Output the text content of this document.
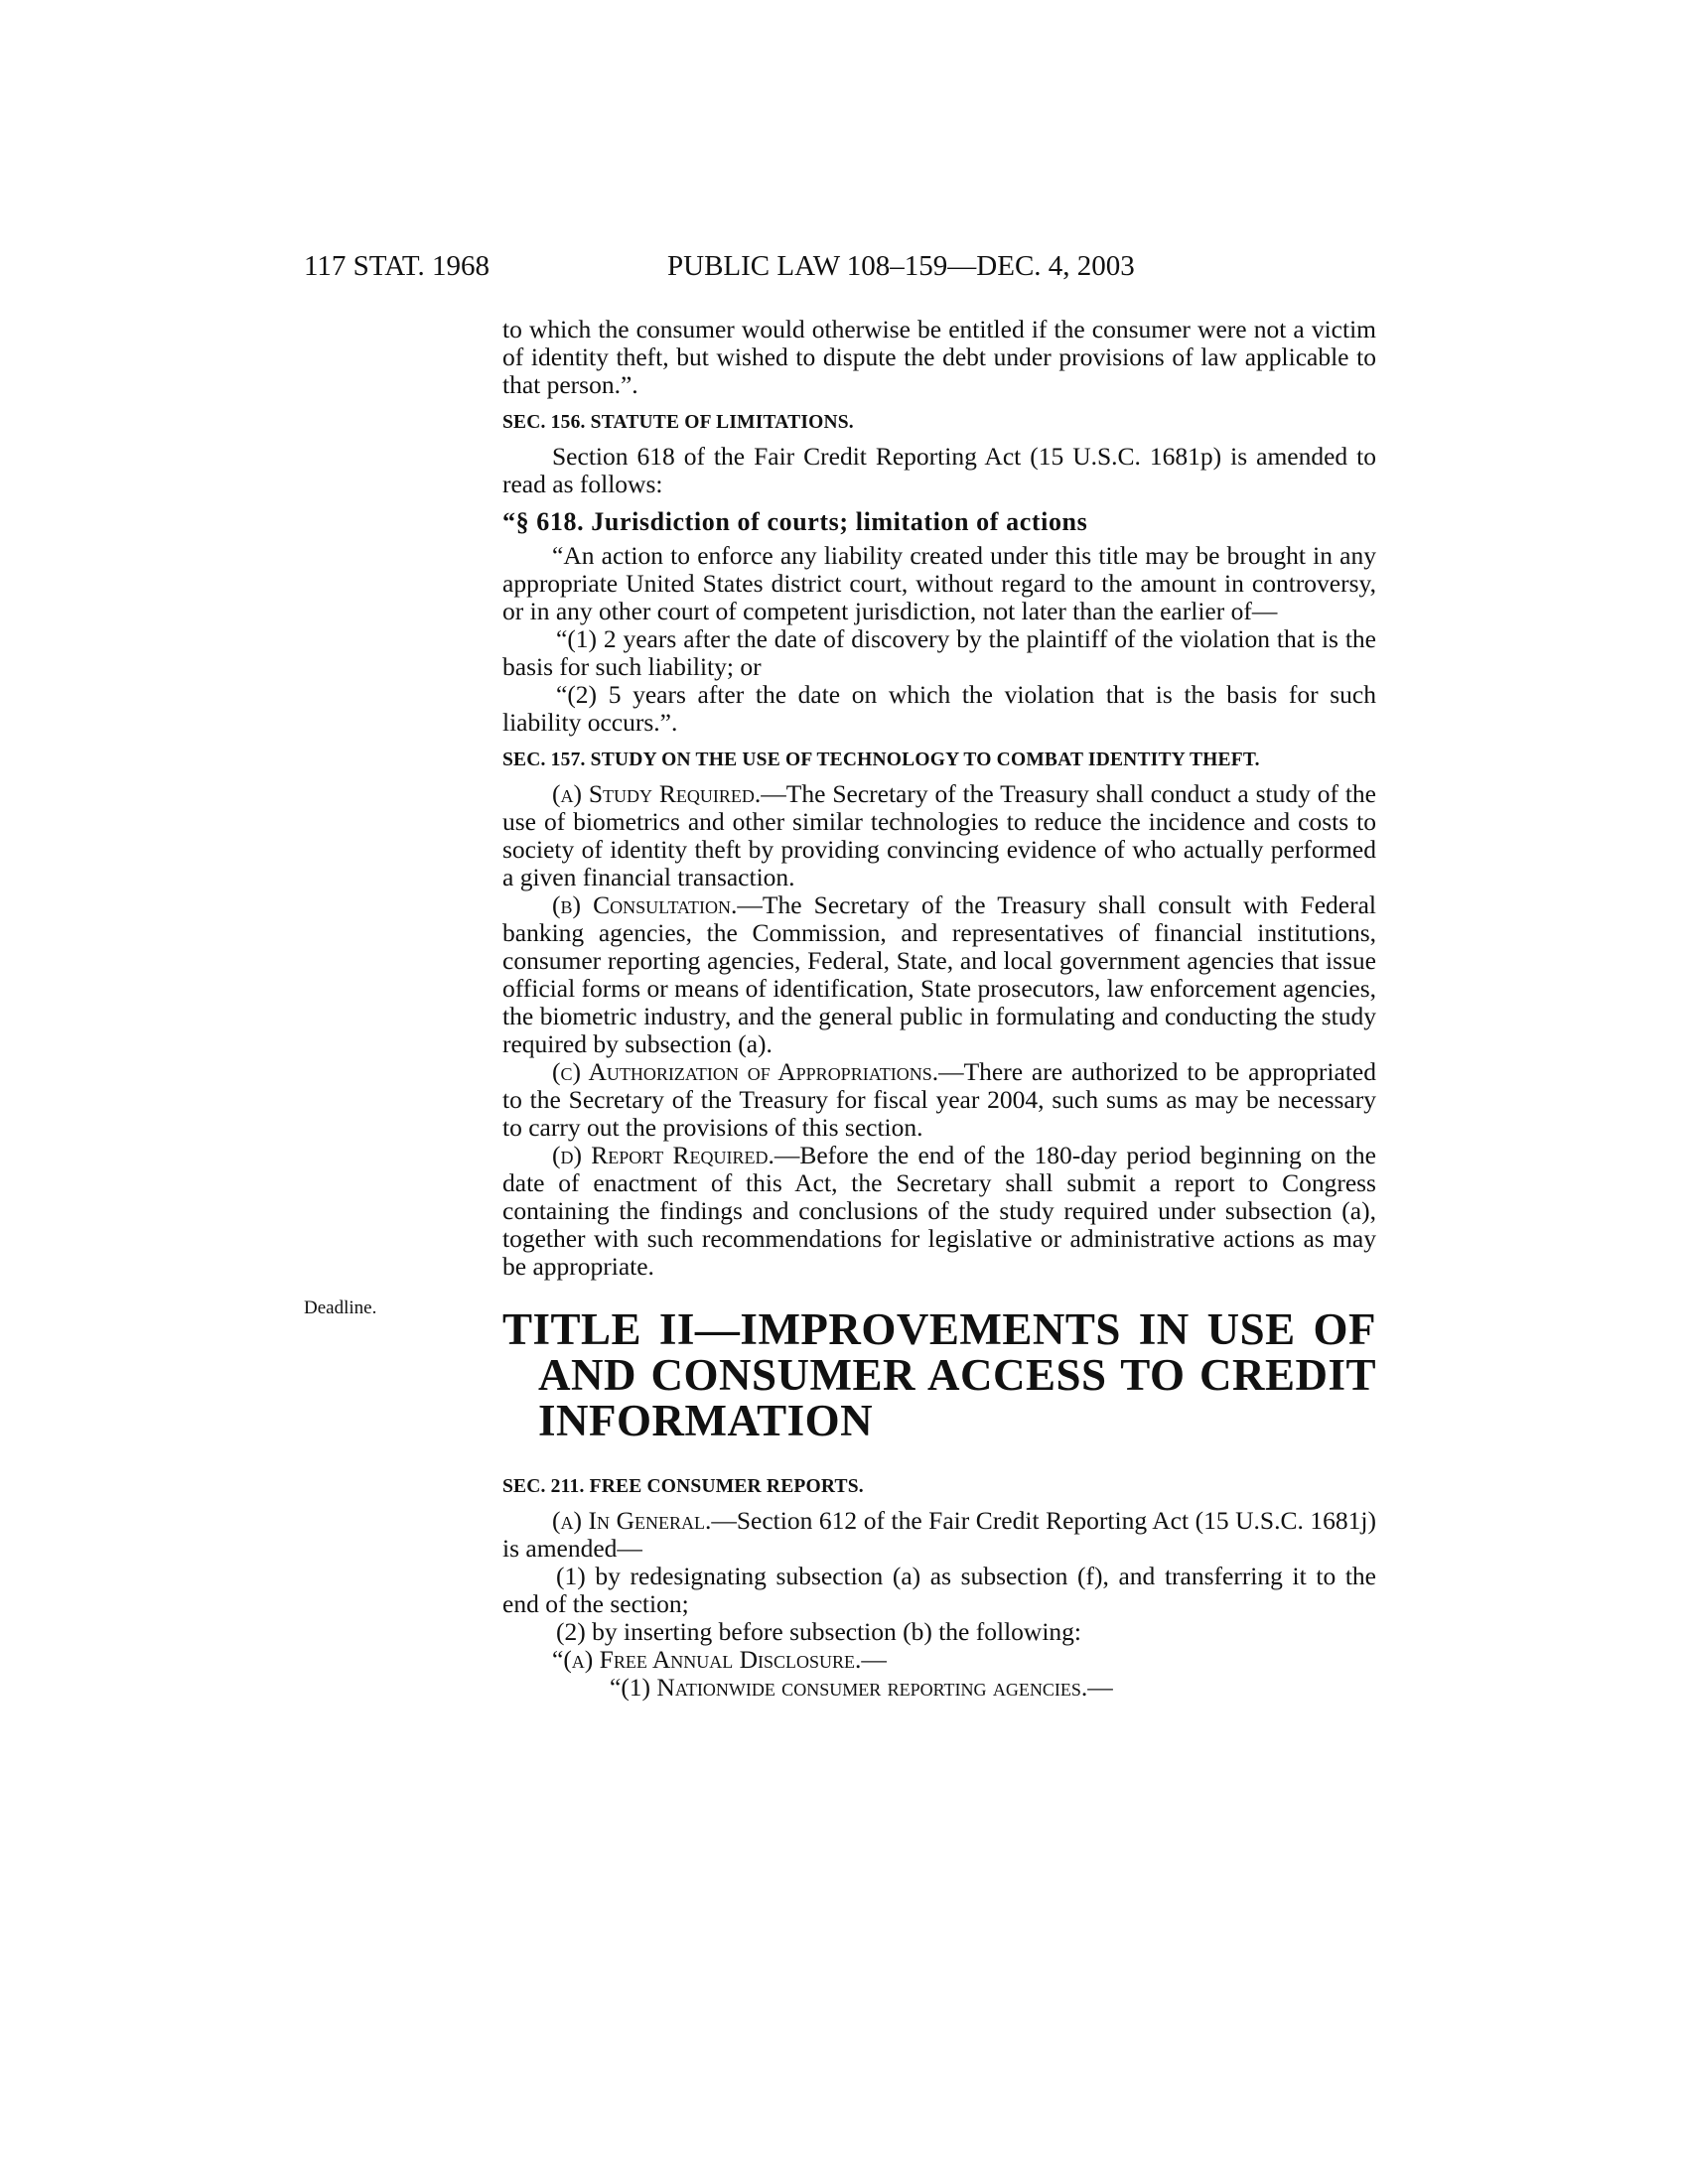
117 STAT. 1968	PUBLIC LAW 108–159—DEC. 4, 2003
Deadline.

to which the consumer would otherwise be entitled if the consumer were not a victim of identity theft, but wished to dispute the debt under provisions of law applicable to that person.”.

SEC. 156. STATUTE OF LIMITATIONS.

Section 618 of the Fair Credit Reporting Act (15 U.S.C. 1681p) is amended to read as follows:

“§ 618. Jurisdiction of courts; limitation of actions

“An action to enforce any liability created under this title may be brought in any appropriate United States district court, without regard to the amount in controversy, or in any other court of competent jurisdiction, not later than the earlier of—

“(1) 2 years after the date of discovery by the plaintiff of the violation that is the basis for such liability; or

“(2) 5 years after the date on which the violation that is the basis for such liability occurs.”.

SEC. 157. STUDY ON THE USE OF TECHNOLOGY TO COMBAT IDENTITY THEFT.

(a) Study Required.—The Secretary of the Treasury shall conduct a study of the use of biometrics and other similar technologies to reduce the incidence and costs to society of identity theft by providing convincing evidence of who actually performed a given financial transaction.

(b) Consultation.—The Secretary of the Treasury shall consult with Federal banking agencies, the Commission, and representatives of financial institutions, consumer reporting agencies, Federal, State, and local government agencies that issue official forms or means of identification, State prosecutors, law enforcement agencies, the biometric industry, and the general public in formulating and conducting the study required by subsection (a).

(c) Authorization of Appropriations.—There are authorized to be appropriated to the Secretary of the Treasury for fiscal year 2004, such sums as may be necessary to carry out the provisions of this section.

(d) Report Required.—Before the end of the 180-day period beginning on the date of enactment of this Act, the Secretary shall submit a report to Congress containing the findings and conclusions of the study required under subsection (a), together with such recommendations for legislative or administrative actions as may be appropriate.

TITLE II—IMPROVEMENTS IN USE OF AND CONSUMER ACCESS TO CREDIT INFORMATION

SEC. 211. FREE CONSUMER REPORTS.

(a) In General.—Section 612 of the Fair Credit Reporting Act (15 U.S.C. 1681j) is amended—

(1) by redesignating subsection (a) as subsection (f), and transferring it to the end of the section;

(2) by inserting before subsection (b) the following:

“(a) Free Annual Disclosure.—

“(1) Nationwide consumer reporting agencies.—
